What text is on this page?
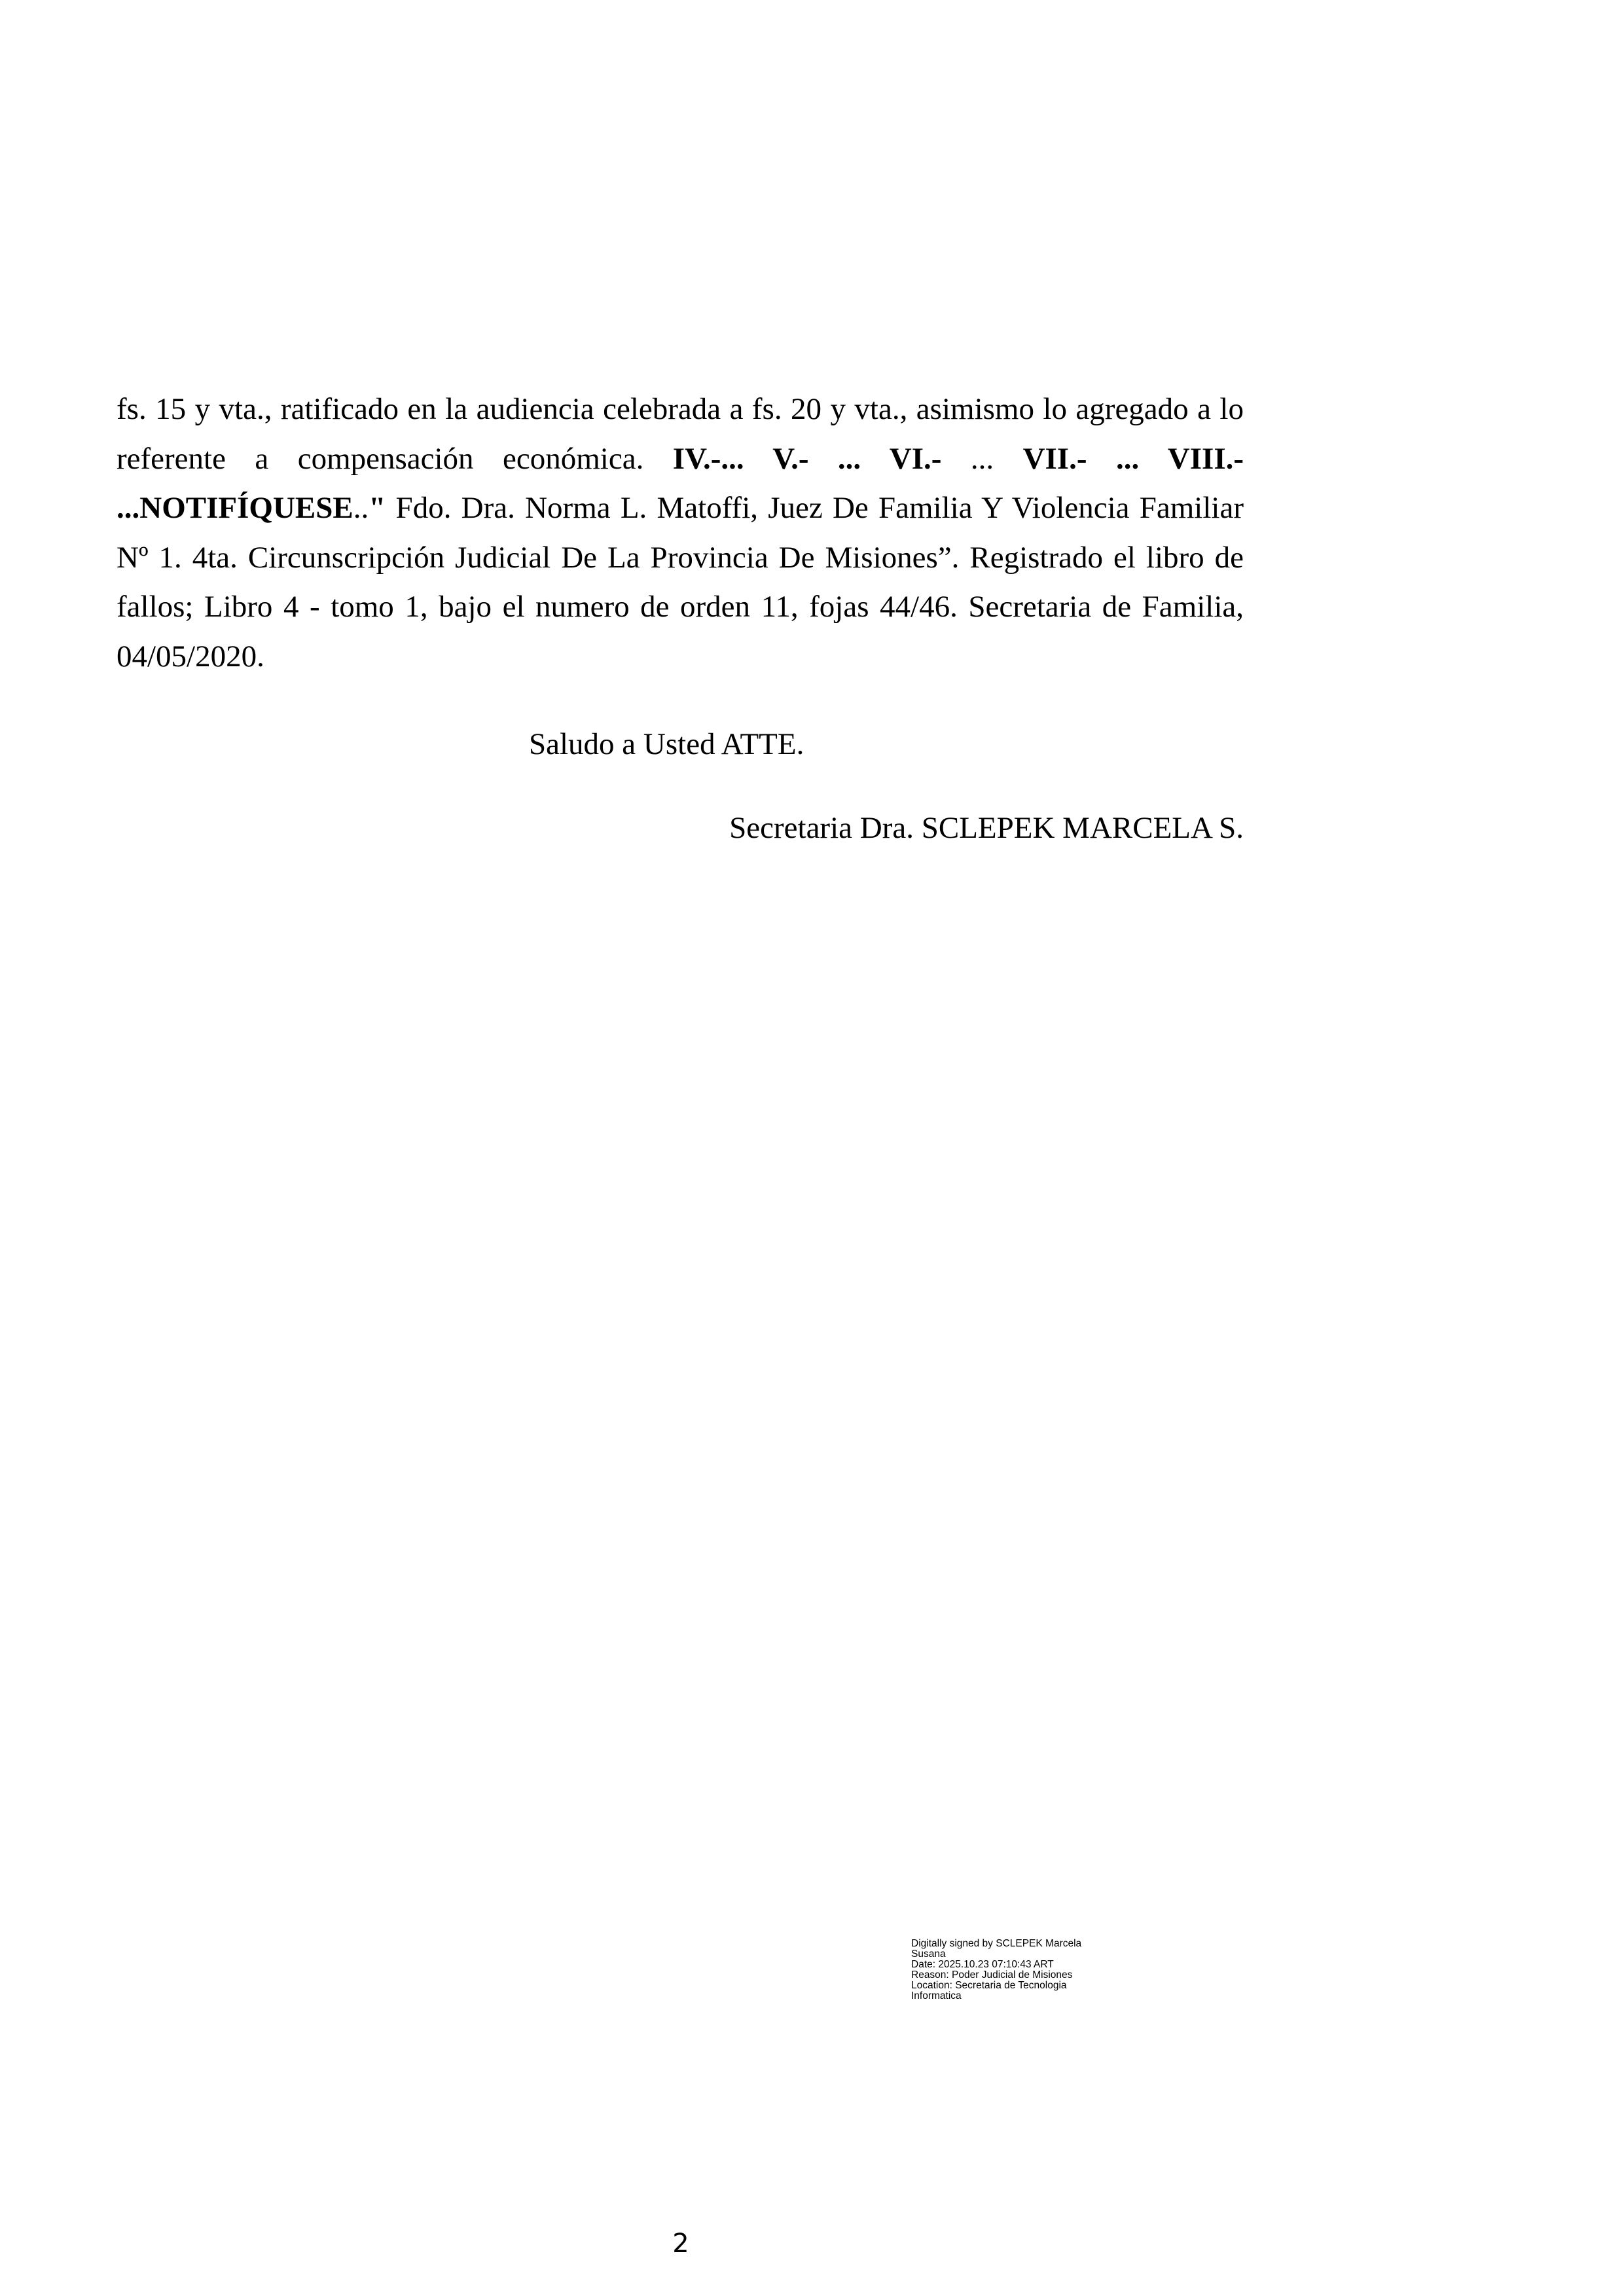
fs. 15 y vta., ratificado en la audiencia celebrada a fs. 20 y vta., asimismo lo agregado a lo referente a compensación económica. IV.-... V.- ... VI.- ... VII.- ... VIII.- ...NOTIFÍQUESE.." Fdo. Dra. Norma L. Matoffi, Juez De Familia Y Violencia Familiar Nº 1. 4ta. Circunscripción Judicial De La Provincia De Misiones”. Registrado el libro de fallos; Libro 4 - tomo 1, bajo el numero de orden 11, fojas 44/46. Secretaria de Familia, 04/05/2020.

Saludo a Usted ATTE.

Secretaria Dra. SCLEPEK MARCELA S.

Digitally signed by SCLEPEK Marcela
Susana
Date: 2025.10.23 07:10:43 ART
Reason: Poder Judicial de Misiones
Location: Secretaria de Tecnologia
Informatica
2
